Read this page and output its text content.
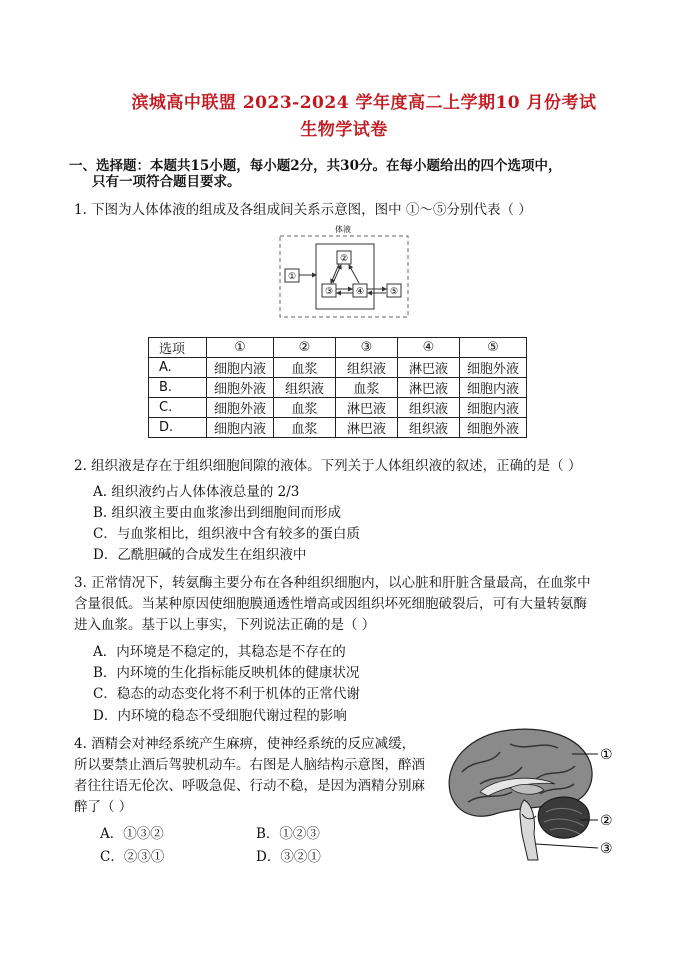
滨城高中联盟 2023-2024 学年度高二上学期10 月份考试
生物学试卷
一、选择题：本题共15小题，每小题2分，共30分。在每小题给出的四个选项中，
只有一项符合题目要求。
1. 下图为人体体液的组成及各组成间关系示意图，图中 ①～⑤分别代表（ ）
体液
①
②
③	④	⑤
选项	①	②	③	④	⑤
A.	细胞内液	血浆	组织液	淋巴液	细胞外液
B.	细胞外液	组织液	血浆	淋巴液	细胞内液
C.	细胞外液	血浆	淋巴液	组织液	细胞内液
D.	细胞内液	血浆	淋巴液	组织液	细胞外液
2. 组织液是存在于组织细胞间隙的液体。下列关于人体组织液的叙述，正确的是（ ）
A. 组织液约占人体体液总量的 2/3
B. 组织液主要由血浆渗出到细胞间而形成
C．与血浆相比，组织液中含有较多的蛋白质
D．乙酰胆碱的合成发生在组织液中
3. 正常情况下，转氨酶主要分布在各种组织细胞内，以心脏和肝脏含量最高，在血浆中
含量很低。当某种原因使细胞膜通透性增高或因组织坏死细胞破裂后，可有大量转氨酶
进入血浆。基于以上事实，下列说法正确的是（ ）
A．内环境是不稳定的，其稳态是不存在的
B．内环境的生化指标能反映机体的健康状况
C．稳态的动态变化将不利于机体的正常代谢
D．内环境的稳态不受细胞代谢过程的影响
4. 酒精会对神经系统产生麻痹，使神经系统的反应减缓，
所以要禁止酒后驾驶机动车。右图是人脑结构示意图，醉酒
者往往语无伦次、呼吸急促、行动不稳，是因为酒精分别麻
醉了（ ）
A．①③②	B．①②③
C．②③①	D．③②①
①
②
③
